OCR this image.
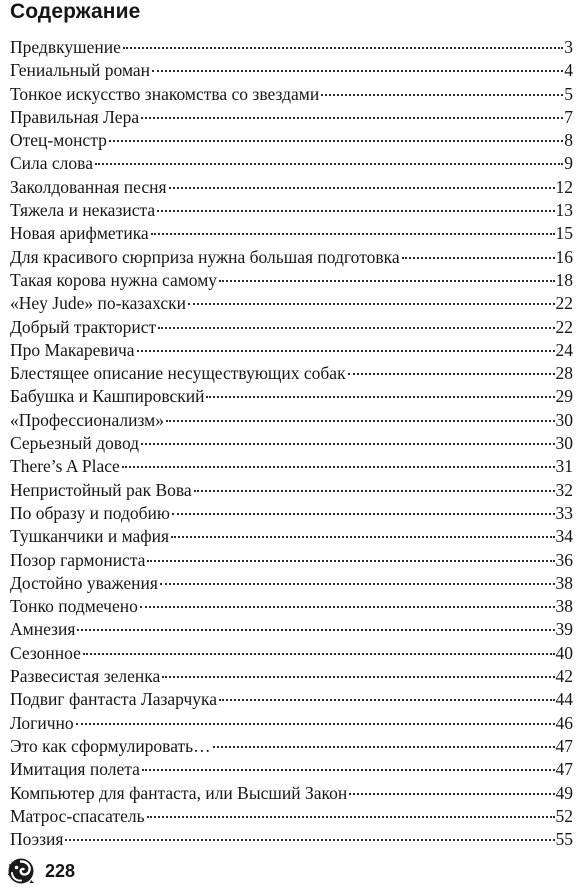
Содержание
Предвкушение	3
Гениальный роман	4
Тонкое искусство знакомства со звездами	5
Правильная Лера	7
Отец-монстр	8
Сила слова	9
Заколдованная песня	12
Тяжела и неказиста	13
Новая арифметика	15
Для красивого сюрприза нужна большая подготовка	16
Такая корова нужна самому	18
«Hey Jude» по-казахски	22
Добрый тракторист	22
Про Макаревича	24
Блестящее описание несуществующих собак	28
Бабушка и Кашпировский	29
«Профессионализм»	30
Серьезный довод	30
There’s A Place	31
Непристойный рак Вова	32
По образу и подобию	33
Тушканчики и мафия	34
Позор гармониста	36
Достойно уважения	38
Тонко подмечено	38
Амнезия	39
Сезонное	40
Развесистая зеленка	42
Подвиг фантаста Лазарчука	44
Логично	46
Это как сформулировать…	47
Имитация полета	47
Компьютер для фантаста, или Высший Закон	49
Матрос-спасатель	52
Поэзия	55
228
